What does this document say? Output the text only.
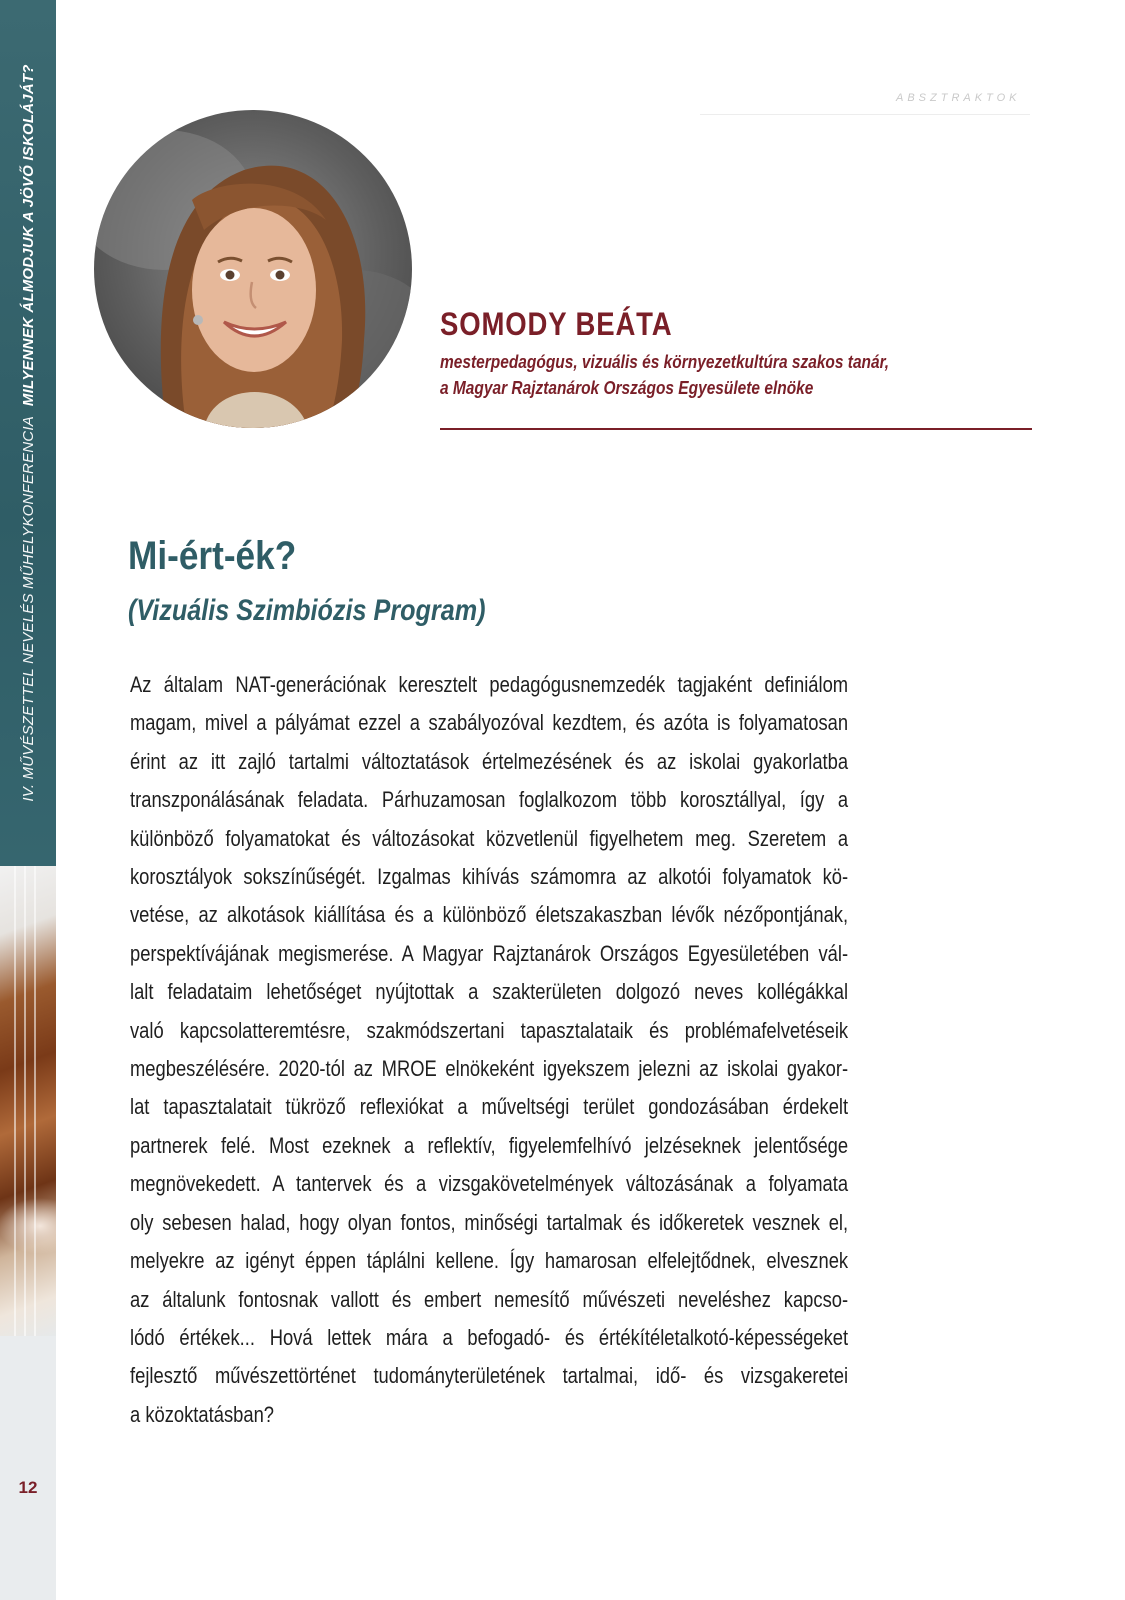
IV. MŰVÉSZETTEL NEVELÉS MŰHELYKONFERENCIA
MILYENNEK ÁLMODJUK A JÖVŐ ISKOLÁJÁT?
12
ABSZTRAKTOK
SOMODY BEÁTA
mesterpedagógus, vizuális és környezetkultúra szakos tanár,
a Magyar Rajztanárok Országos Egyesülete elnöke
Mi-ért-ék?
(Vizuális Szimbiózis Program)
Az általam NAT-generációnak keresztelt pedagógusnemzedék tagjaként definiálom
magam, mivel a pályámat ezzel a szabályozóval kezdtem, és azóta is folyamatosan
érint az itt zajló tartalmi változtatások értelmezésének és az iskolai gyakorlatba
transzponálásának feladata. Párhuzamosan foglalkozom több korosztállyal, így a
különböző folyamatokat és változásokat közvetlenül figyelhetem meg. Szeretem a
korosztályok sokszínűségét. Izgalmas kihívás számomra az alkotói folyamatok kö-
vetése, az alkotások kiállítása és a különböző életszakaszban lévők nézőpontjának,
perspektívájának megismerése. A Magyar Rajztanárok Országos Egyesületében vál-
lalt feladataim lehetőséget nyújtottak a szakterületen dolgozó neves kollégákkal
való kapcsolatteremtésre, szakmódszertani tapasztalataik és problémafelvetéseik
megbeszélésére. 2020-tól az MROE elnökeként igyekszem jelezni az iskolai gyakor-
lat tapasztalatait tükröző reflexiókat a műveltségi terület gondozásában érdekelt
partnerek felé. Most ezeknek a reflektív, figyelemfelhívó jelzéseknek jelentősége
megnövekedett. A tantervek és a vizsgakövetelmények változásának a folyamata
oly sebesen halad, hogy olyan fontos, minőségi tartalmak és időkeretek vesznek el,
melyekre az igényt éppen táplálni kellene. Így hamarosan elfelejtődnek, elvesznek
az általunk fontosnak vallott és embert nemesítő művészeti neveléshez kapcso-
lódó értékek... Hová lettek mára a befogadó- és értékítéletalkotó-képességeket
fejlesztő művészettörténet tudományterületének tartalmai, idő- és vizsgakeretei
a közoktatásban?
